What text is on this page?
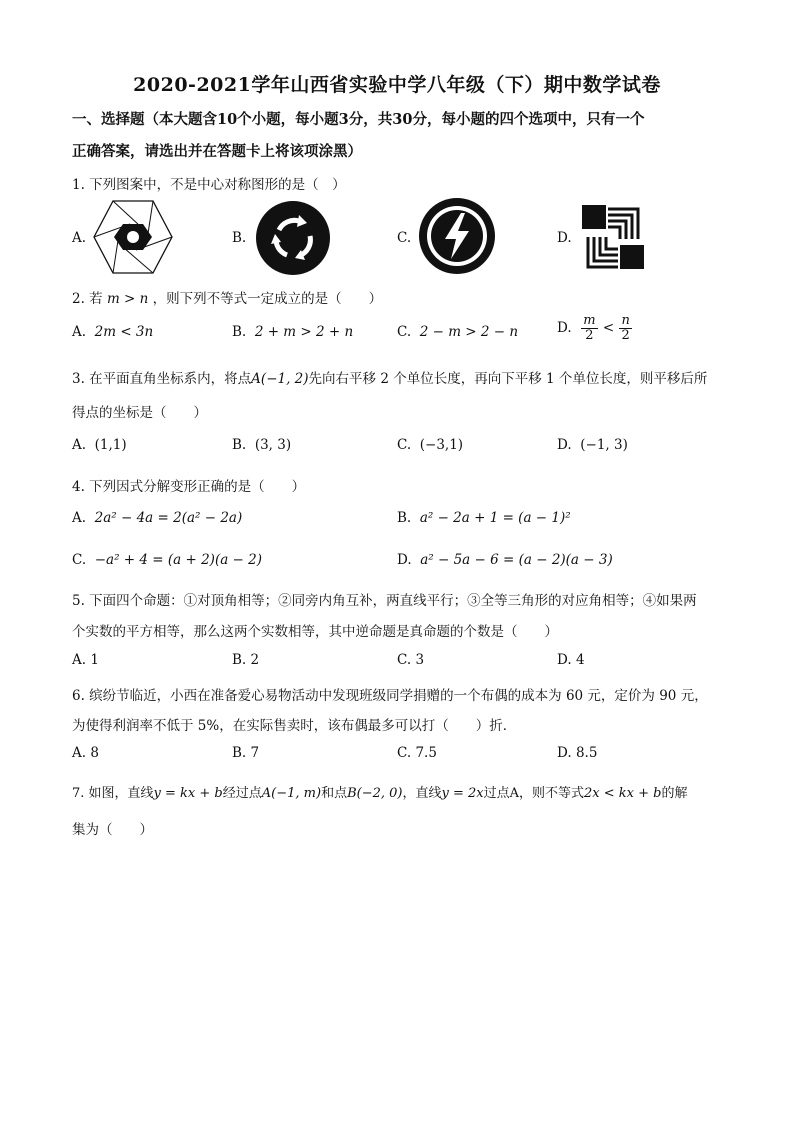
2020-2021学年山西省实验中学八年级（下）期中数学试卷
一、选择题（本大题含10个小题，每小题3分，共30分，每小题的四个选项中，只有一个
正确答案，请选出并在答题卡上将该项涂黑）
1. 下列图案中，不是中心对称图形的是（　）
A.	B.	C.	D.
2. 若 m > n ，则下列不等式一定成立的是（　　）
A. 2m < 3n	B. 2 + m > 2 + n	C. 2 − m > 2 − n	D. $\frac{m}{2} < \frac{n}{2}$
3. 在平面直角坐标系内，将点A(−1, 2)先向右平移 2 个单位长度，再向下平移 1 个单位长度，则平移后所
得点的坐标是（　　）
A. (1,1)	B. (3, 3)	C. (−3,1)	D. (−1, 3)
4. 下列因式分解变形正确的是（　　）
A. 2a² − 4a = 2(a² − 2a)	B. a² − 2a + 1 = (a − 1)²
C. −a² + 4 = (a + 2)(a − 2)	D. a² − 5a − 6 = (a − 2)(a − 3)
5. 下面四个命题：①对顶角相等；②同旁内角互补，两直线平行；③全等三角形的对应角相等；④如果两
个实数的平方相等，那么这两个实数相等，其中逆命题是真命题的个数是（　　）
A. 1	B. 2	C. 3	D. 4
6. 缤纷节临近，小西在准备爱心易物活动中发现班级同学捐赠的一个布偶的成本为 60 元，定价为 90 元，
为使得利润率不低于 5%，在实际售卖时，该布偶最多可以打（　　）折．
A. 8	B. 7	C. 7.5	D. 8.5
7. 如图，直线y = kx + b经过点A(−1, m)和点B(−2, 0)，直线y = 2x过点A，则不等式2x < kx + b的解
集为（　　）
